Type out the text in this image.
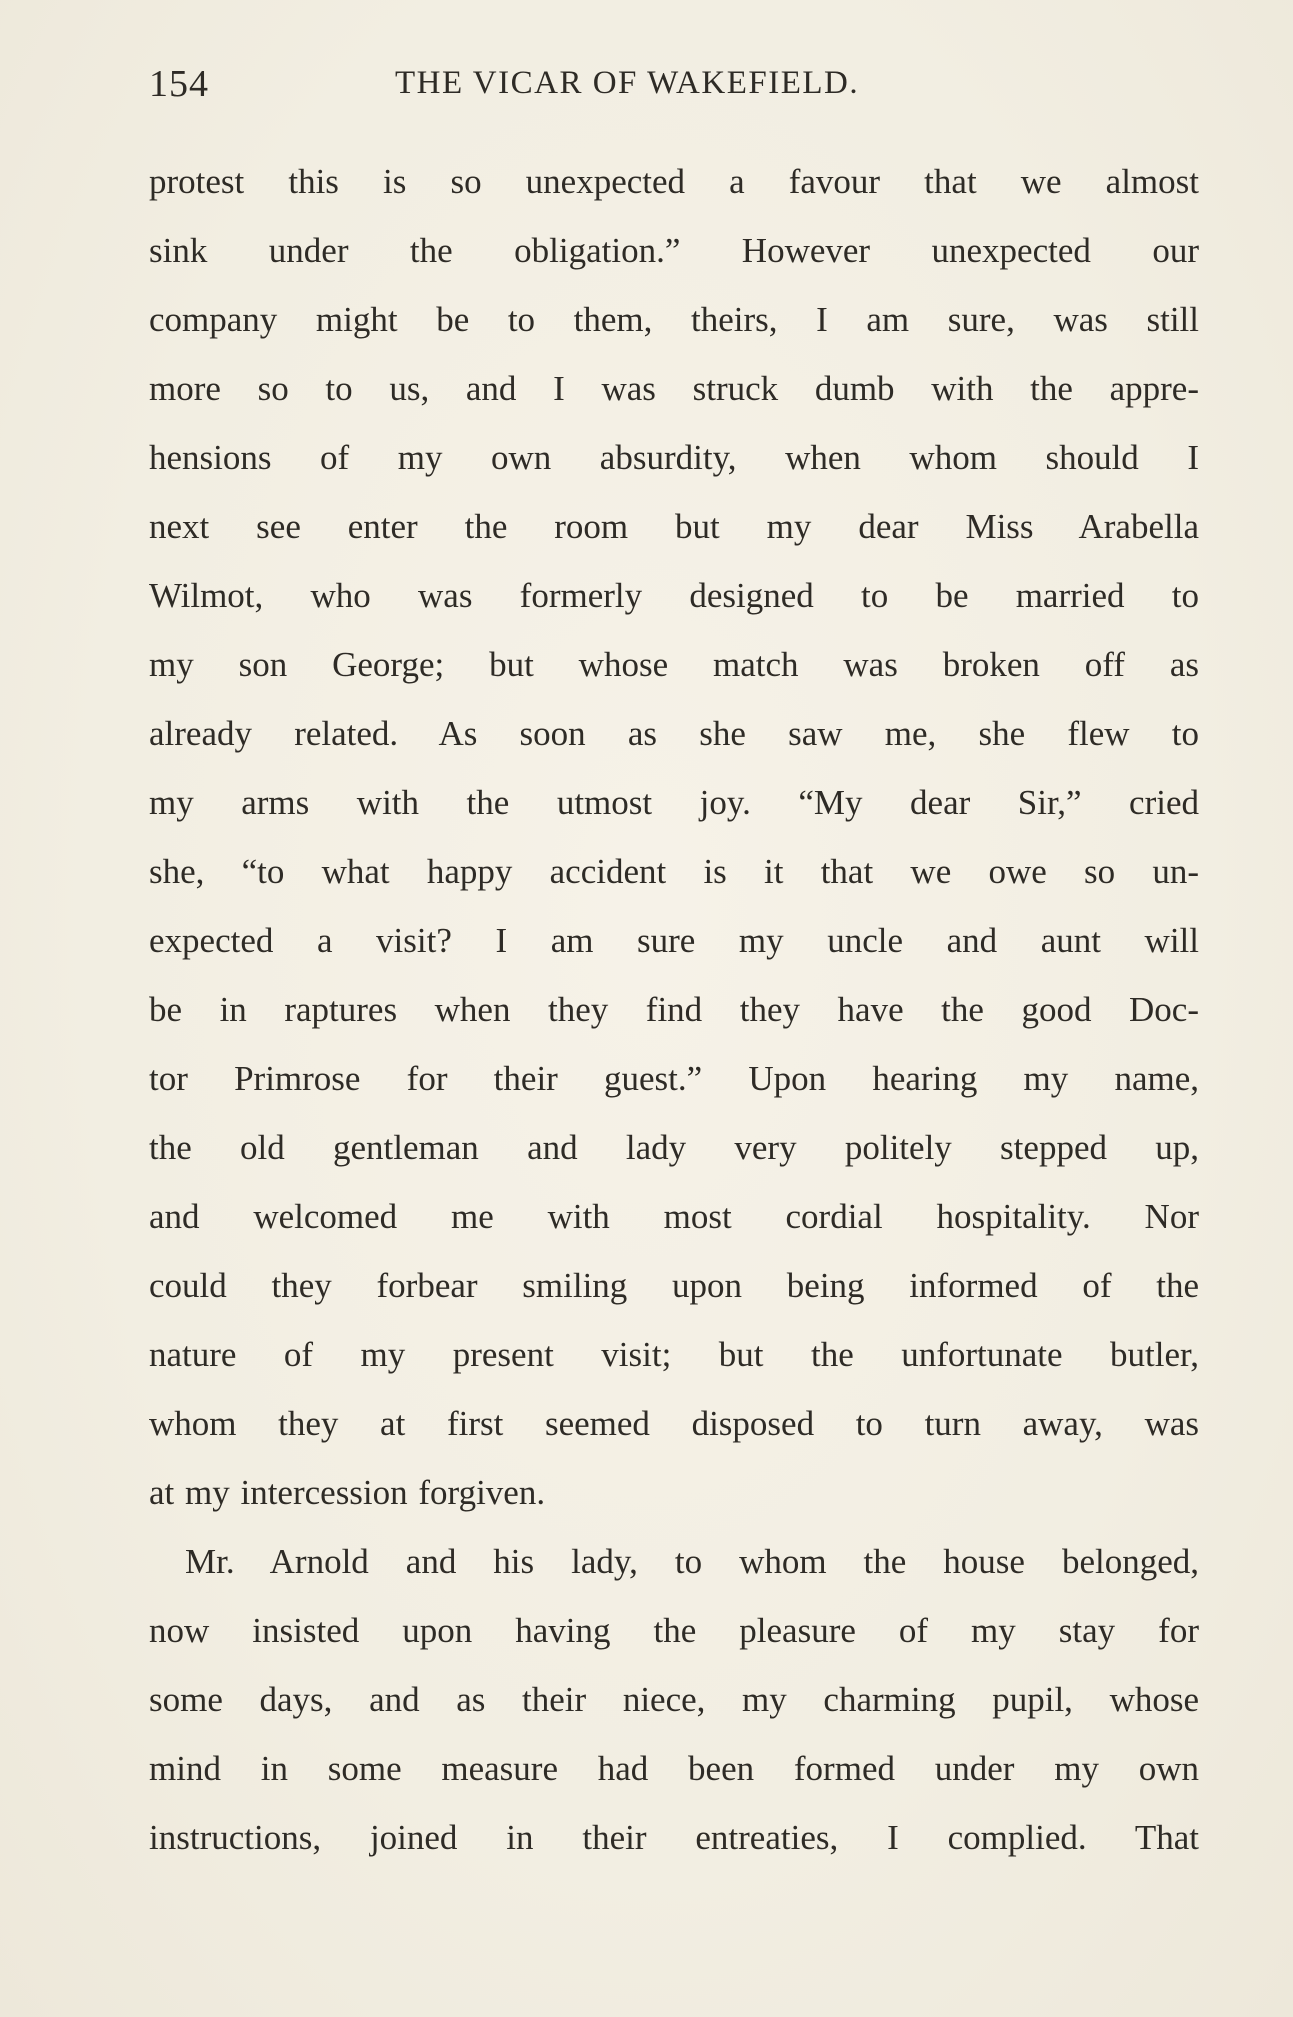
154	THE VICAR OF WAKEFIELD.
protest this is so unexpected a favour that we almost
sink under the obligation.” However unexpected our
company might be to them, theirs, I am sure, was still
more so to us, and I was struck dumb with the appre-
hensions of my own absurdity, when whom should I
next see enter the room but my dear Miss Arabella
Wilmot, who was formerly designed to be married to
my son George; but whose match was broken off as
already related. As soon as she saw me, she flew to
my arms with the utmost joy. “My dear Sir,” cried
she, “to what happy accident is it that we owe so un-
expected a visit? I am sure my uncle and aunt will
be in raptures when they find they have the good Doc-
tor Primrose for their guest.” Upon hearing my name,
the old gentleman and lady very politely stepped up,
and welcomed me with most cordial hospitality. Nor
could they forbear smiling upon being informed of the
nature of my present visit; but the unfortunate butler,
whom they at first seemed disposed to turn away, was
at my intercession forgiven.
Mr. Arnold and his lady, to whom the house belonged,
now insisted upon having the pleasure of my stay for
some days, and as their niece, my charming pupil, whose
mind in some measure had been formed under my own
instructions, joined in their entreaties, I complied. That
